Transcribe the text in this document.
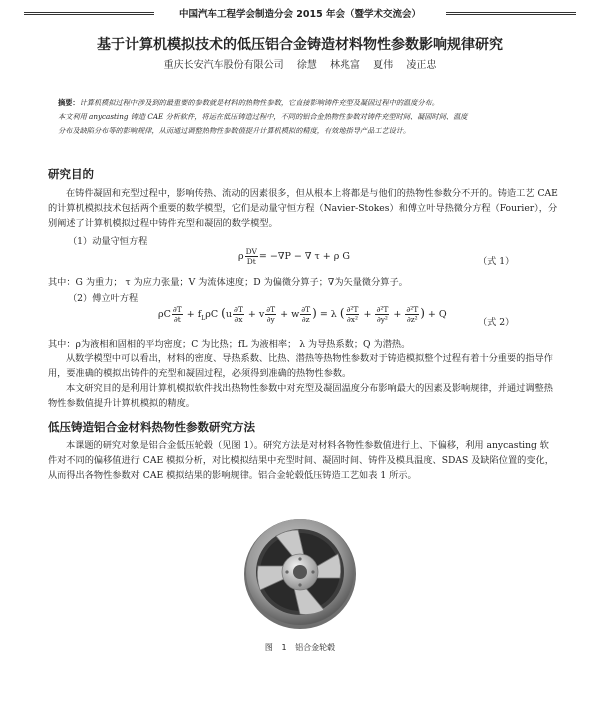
中国汽车工程学会制造分会 2015 年会（暨学术交流会）
基于计算机模拟技术的低压铝合金铸造材料物性参数影响规律研究
重庆长安汽车股份有限公司 徐慧 林兆富 夏伟 凌正忠
摘要：计算机模拟过程中涉及到的最重要的参数就是材料的热物性参数，它直接影响铸件充型及凝固过程中的温度分布。
本文利用 anycasting 铸造 CAE 分析软件，将运在低压铸造过程中，不同的铝合金热物性参数对铸件充型时间、凝固时间、温度
分布及缺陷分布等的影响规律，从而通过调整热物性参数值提升计算机模拟的精度，有效地指导产品工艺设计。
研究目的

在铸件凝固和充型过程中，影响传热、流动的因素很多，但从根本上将都是与他们的热物性参数分不开的。铸造工艺 CAE 的计算机模拟技术包括两个重要的数学模型，它们是动量守恒方程（Navier-Stokes）和傅立叶导热微分方程（Fourier），分别阐述了计算机模拟过程中铸件充型和凝固的数学模型。

（1）动量守恒方程
ρ $\frac{DV}{Dt} = -\nabla P$ − ∇ τ + ρ G	（式 1）
其中：G 为重力； τ 为应力张量；V 为流体速度；D 为偏微分算子；∇为矢量微分算子。
（2）傅立叶方程
ρC $\frac{\partial T}{\partial t} + f_L\rho C$ ($u \frac{\partial T}{\partial x} + v \frac{\partial T}{\partial y} + w \frac{\partial T}{\partial z}$ ) = λ ( $\frac{\text{∂²T}}{\text{∂x²}} + \frac{\text{∂²T}}{\text{∂y²}} + \frac{\text{∂²T}}{\text{∂z²}}$ ) + Q
（式 2）
其中：ρ为液相和固相的平均密度；C 为比热；fL 为液相率； λ 为导热系数；Q 为潜热。

从数学模型中可以看出，材料的密度、导热系数、比热、潜热等热物性参数对于铸造模拟整个过程有着十分重要的指导作用，要准确的模拟出铸件的充型和凝固过程，必须得到准确的热物性参数。

本文研究目的是利用计算机模拟软件找出热物性参数中对充型及凝固温度分布影响最大的因素及影响规律，并通过调整热物性参数值提升计算机模拟的精度。

低压铸造铝合金材料热物性参数研究方法

本课题的研究对象是铝合金低压轮毂（见图 1）。研究方法是对材料各物性参数值进行上、下偏移，利用 anycasting 软件对不同的偏移值进行 CAE 模拟分析，对比模拟结果中充型时间、凝固时间、铸件及模具温度、SDAS 及缺陷位置的变化，从而得出各物性参数对 CAE 模拟结果的影响规律。铝合金轮毂低压铸造工艺如表 1 所示。

图 1 铝合金轮毂
